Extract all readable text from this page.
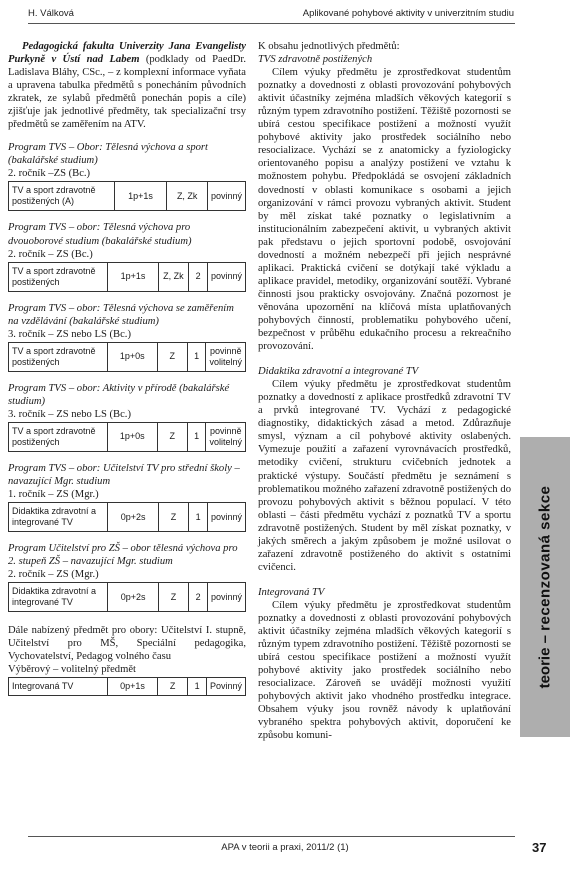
H. Válková	Aplikované pohybové aktivity v univerzitním studiu

Pedagogická fakulta Univerzity Jana Evangelisty Purkyně v Ústí nad Labem (podklady od PaedDr. Ladislava Bláhy, CSc., – z komplexní informace vyňata a upravena tabulka předmětů s ponecháním původních zkratek, ze sylabů předmětů ponechán popis a cíle) zjišťuje jak jednotlivé předměty, tak specializační trsy předmětů se zaměřením na ATV.

Program TVS – Obor: Tělesná výchova a sport (bakalářské studium)

2. ročník –ZS (Bc.)

TV a sport zdravotně postižených (A)	1p+1s	Z, Zk	povinný

Program TVS – obor: Tělesná výchova pro dvouoborové studium (bakalářské studium)

2. ročník – ZS (Bc.)

TV a sport zdravotně postižených	1p+1s	Z, Zk	2	povinný

Program TVS – obor: Tělesná výchova se zaměřením na vzdělávání (bakalářské studium)

3. ročník – ZS nebo LS (Bc.)

TV a sport zdravotně postižených	1p+0s	Z	1	povinně volitelný

Program TVS – obor: Aktivity v přírodě (bakalářské studium)

3. ročník – ZS nebo LS (Bc.)

TV a sport zdravotně postižených	1p+0s	Z	1	povinně volitelný

Program TVS – obor: Učitelství TV pro střední školy – navazující Mgr. studium

1. ročník – ZS (Mgr.)

Didaktika zdravotní a integrované TV	0p+2s	Z	1	povinný

Program Učitelství pro ZŠ – obor tělesná výchova pro 2. stupeň ZŠ – navazující Mgr. studium

2. ročník – ZS (Mgr.)

Didaktika zdravotní a integrované TV	0p+2s	Z	2	povinný

Dále nabízený předmět pro obory: Učitelství I. stupně, Učitelství pro MŠ, Speciální pedagogika, Vychovatelství, Pedagog volného času

Výběrový – volitelný předmět

Integrovaná TV	0p+1s	Z	1	Povinný

K obsahu jednotlivých předmětů:

TVS zdravotně postižených

Cílem výuky předmětu je zprostředkovat studentům poznatky a dovednosti z oblasti provozování pohybových aktivit účastníky zejména mladších věkových kategorií s různým typem zdravotního postižení. Těžiště pozornosti se ubírá cestou specifikace postižení a možností využít pohybové aktivity jako prostředek sociálního nebo resocializace. Vychází se z anatomicky a fyziologicky orientovaného popisu a analýzy postižení ve vztahu k možnostem pohybu. Předpokládá se osvojení základních dovedností v oblasti komunikace s osobami a jejich organizování v rámci provozu vybraných aktivit. Student by měl získat také poznatky o legislativním a institucionálním zabezpečení aktivit, u vybraných aktivit pak představu o jejich sportovní podobě, osvojování dovedností a možném nebezpečí při jejich nesprávné aplikaci. Praktická cvičení se dotýkají také výkladu a aplikace pravidel, metodiky, organizování soutěží. Vybrané činnosti jsou prakticky osvojovány. Značná pozornost je věnována upozornění na klíčová místa uplatňovaných pohybových činností, problematiku pohybového učení, bezpečnost v průběhu edukačního procesu a rekreačního provozování.

Didaktika zdravotní a integrované TV

Cílem výuky předmětu je zprostředkovat studentům poznatky a dovedností z aplikace prostředků zdravotní TV a prvků integrované TV. Vychází z pedagogické diagnostiky, didaktických zásad a metod. Zdůrazňuje smysl, význam a cíl pohybové aktivity oslabených. Vymezuje použití a zařazení vyrovnávacích prostředků, metodiky cvičení, strukturu cvičebních jednotek a praktické výstupy. Součástí předmětu je seznámení s problematikou možného zařazení zdravotně postižených do provozu pohybových aktivit s běžnou populací. V této oblasti – části předmětu vychází z poznatků TV a sportu zdravotně postižených. Student by měl získat poznatky, v jakých směrech a jakým způsobem je možné usilovat o zařazení zdravotně postiženého do aktivit s ostatními cvičenci.

Integrovaná TV

Cílem výuky předmětu je zprostředkovat studentům poznatky a dovednosti z oblasti provozování pohybových aktivit účastníky zejména mladších věkových kategorií s různým typem zdravotního postižení. Těžiště pozornosti se ubírá cestou specifikace postižení a možností využít pohybové aktivity jako prostředek sociálního nebo resocializace. Zároveň se uvádějí možnosti využití pohybových aktivit jako vhodného prostředku integrace. Obsahem výuky jsou rovněž návody k uplatňování vybraného spektra pohybových aktivit, doporučení ke způsobu komuni-

teorie – recenzovaná sekce
APA v teorii a praxi, 2011/2 (1)	37
